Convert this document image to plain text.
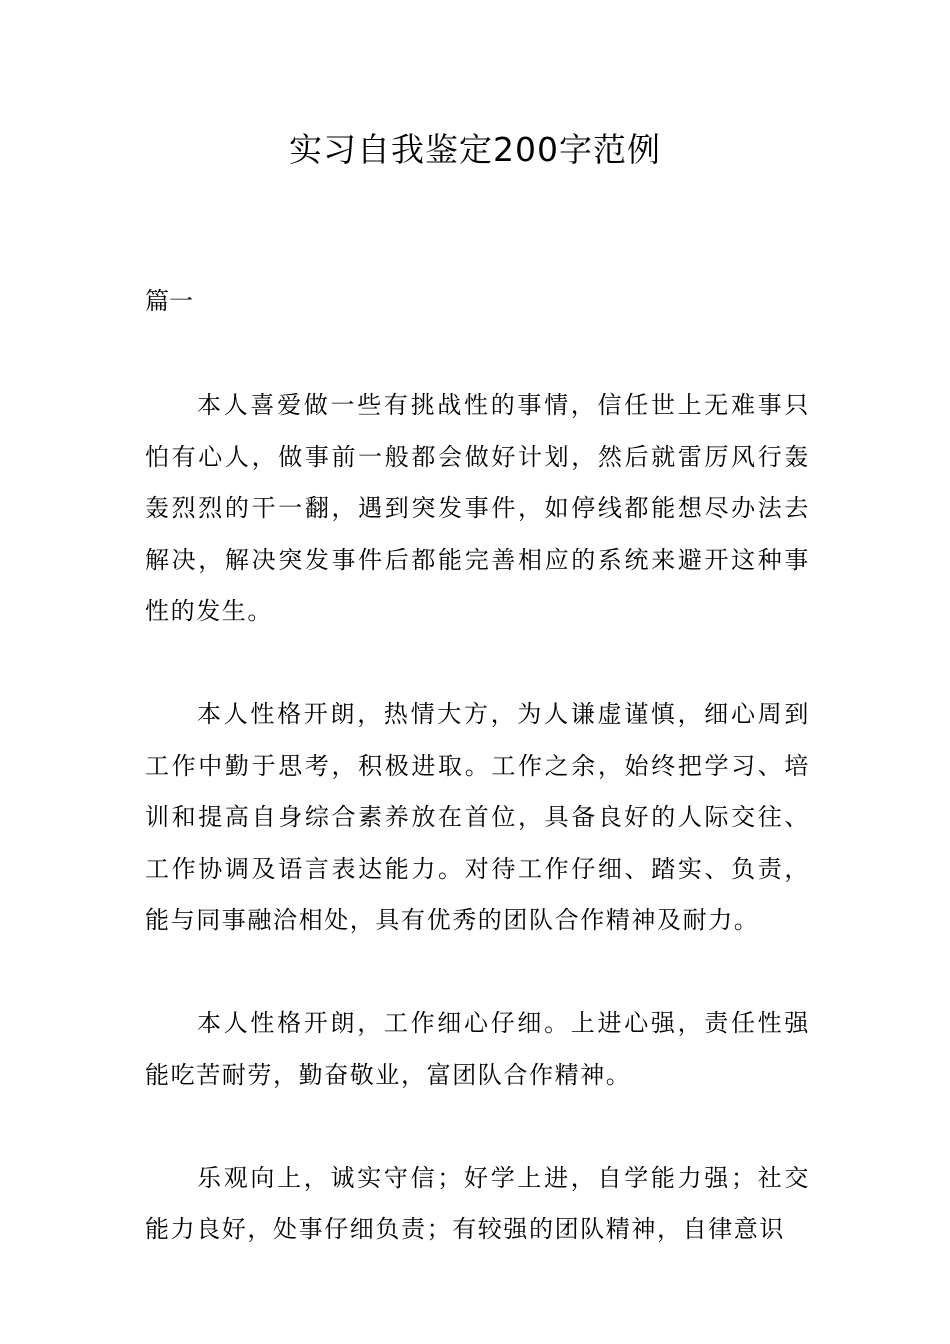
实习自我鉴定200字范例
篇一

本人喜爱做一些有挑战性的事情，信任世上无难事只怕有心人，做事前一般都会做好计划，然后就雷厉风行轰轰烈烈的干一翻，遇到突发事件，如停线都能想尽办法去解决，解决突发事件后都能完善相应的系统来避开这种事性的发生。

本人性格开朗，热情大方，为人谦虚谨慎，细心周到工作中勤于思考，积极进取。工作之余，始终把学习、培训和提高自身综合素养放在首位，具备良好的人际交往、工作协调及语言表达能力。对待工作仔细、踏实、负责，能与同事融洽相处，具有优秀的团队合作精神及耐力。

本人性格开朗，工作细心仔细。上进心强，责任性强能吃苦耐劳，勤奋敬业，富团队合作精神。

乐观向上，诚实守信；好学上进，自学能力强；社交能力良好，处事仔细负责；有较强的团队精神，自律意识
